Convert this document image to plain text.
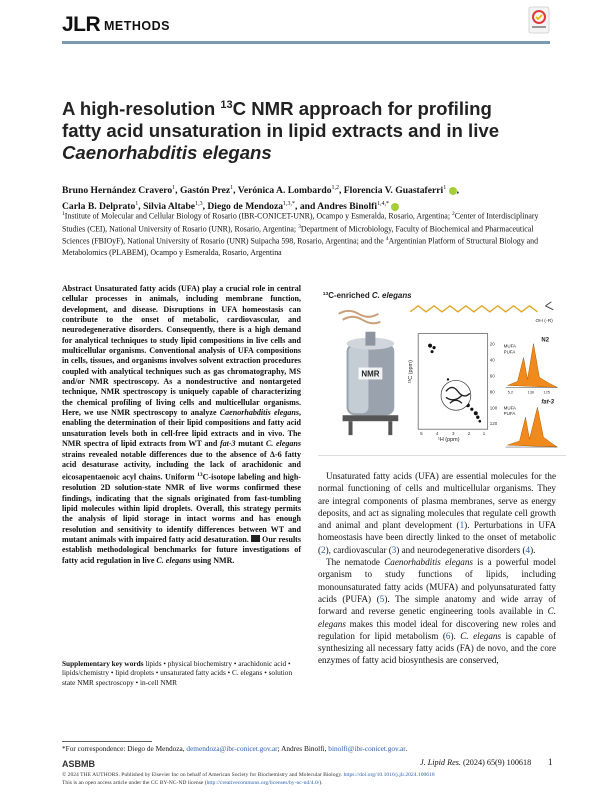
JLR METHODS
A high-resolution $^{13}$C NMR approach for profiling fatty acid unsaturation in lipid extracts and in live Caenorhabditis elegans
Bruno Hernández Cravero$^1$, Gastón Prez$^1$, Verónica A. Lombardo$^{1,2}$, Florencia V. Guastaferri$^1$ ,
Carla B. Delprato$^1$, Silvia Altabe$^{1,3}$, Diego de Mendoza$^{1,3,*}$, and Andres Binolfi$^{1,4,*}$
$^1$Institute of Molecular and Cellular Biology of Rosario (IBR-CONICET-UNR), Ocampo y Esmeralda, Rosario, Argentina; $^2$Center of Interdisciplinary Studies (CEI), National University of Rosario (UNR), Rosario, Argentina; $^3$Department of Microbiology, Faculty of Biochemical and Pharmaceutical Sciences (FBIOyF), National University of Rosario (UNR) Suipacha 598, Rosario, Argentina; and the $^4$Argentinian Platform of Structural Biology and Metabolomics (PLABEM), Ocampo y Esmeralda, Rosario, Argentina
Abstract Unsaturated fatty acids (UFA) play a crucial role in central cellular processes in animals, including membrane function, development, and disease. Disruptions in UFA homeostasis can contribute to the onset of metabolic, cardiovascular, and neurodegenerative disorders. Consequently, there is a high demand for analytical techniques to study lipid compositions in live cells and multicellular organisms. Conventional analysis of UFA compositions in cells, tissues, and organisms involves solvent extraction procedures coupled with analytical techniques such as gas chromatography, MS and/or NMR spectroscopy. As a nondestructive and nontargeted technique, NMR spectroscopy is uniquely capable of characterizing the chemical profiling of living cells and multicellular organisms. Here, we use NMR spectroscopy to analyze Caenorhabditis elegans, enabling the determination of their lipid compositions and fatty acid unsaturation levels both in cell-free lipid extracts and in vivo. The NMR spectra of lipid extracts from WT and fat-3 mutant C. elegans strains revealed notable differences due to the absence of Δ-6 fatty acid desaturase activity, including the lack of arachidonic and eicosapentaenoic acyl chains. Uniform $^{13}$C-isotope labeling and high-resolution 2D solution-state NMR of live worms confirmed these findings, indicating that the signals originated from fast-tumbling lipid molecules within lipid droplets. Overall, this strategy permits the analysis of lipid storage in intact worms and has enough resolution and sensitivity to identify differences between WT and mutant animals with impaired fatty acid desaturation.  Our results establish methodological benchmarks for future investigations of fatty acid regulation in live C. elegans using NMR.
Supplementary key words lipids • physical biochemistry • arachidonic acid • lipids/chemistry • lipid droplets • unsaturated fatty acids • C. elegans • solution state NMR spectroscopy • in-cell NMR
$^{13}$C-enriched C. elegans
OH (-R)
NMR
¹H (ppm)
¹³C (ppm)
5	4	3	2	1
20
40
60
80
100
120
N2
MUFA
PUFA
5.2	130 125
fat-3
MUFA
PUFA

Unsaturated fatty acids (UFA) are essential molecules for the normal functioning of cells and multicellular organisms. They are integral components of plasma membranes, serve as energy deposits, and act as signaling molecules that regulate cell growth and animal and plant development (1). Perturbations in UFA homeostasis have been directly linked to the onset of metabolic (2), cardiovascular (3) and neurodegenerative disorders (4).

The nematode Caenorhabditis elegans is a powerful model organism to study functions of lipids, including monounsaturated fatty acids (MUFA) and polyunsaturated fatty acids (PUFA) (5). The simple anatomy and wide array of forward and reverse genetic engineering tools available in C. elegans makes this model ideal for discovering new roles and regulation for lipid metabolism (6). C. elegans is capable of synthesizing all necessary fatty acids (FA) de novo, and the core enzymes of fatty acid biosynthesis are conserved,

*For correspondence: Diego de Mendoza, demendoza@ibr-conicet.gov.ar; Andres Binolfi, binolfi@ibr-conicet.gov.ar.
ASBMB	J. Lipid Res. (2024) 65(9) 100618 1
© 2024 THE AUTHORS. Published by Elsevier Inc on behalf of American Society for Biochemistry and Molecular Biology. https://doi.org/10.1016/j.jlr.2024.100618
This is an open access article under the CC BY-NC-ND license (http://creativecommons.org/licenses/by-nc-nd/4.0/).
